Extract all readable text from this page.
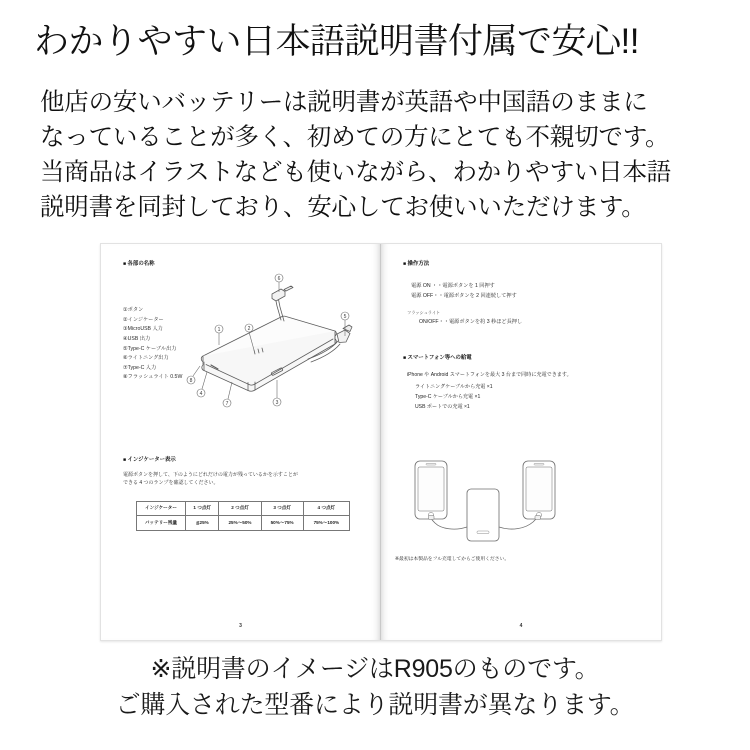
わかりやすい日本語説明書付属で安心!!
他店の安いバッテリーは説明書が英語や中国語のままに
なっていることが多く、初めての方にとても不親切です。
当商品はイラストなども使いながら、わかりやすい日本語
説明書を同封しており、安心してお使いいただけます。
■ 各部の名称
①ボタン
②インジケーター
③MicroUSB 入力
④USB 出力
⑤Type-C ケーブル出力
⑥ライトニング出力
⑦Type-C 入力
⑧フラッシュライト 0.5W
1	2
8
4
5
6
7	3
■ インジケーター表示
電源ボタンを押して、下のようにどれだけの電力が残っているかを示すことが
できる 4 つのランプを確認してください。
インジケーター	1 つ点灯	2 つ点灯	3 つ点灯	4 つ点灯
バッテリー残量	≦25%	25%～50%	50%～75%	75%～100%
3
■ 操作方法
電源 ON ・・電源ボタンを 1 回押す
電源 OFF・・電源ボタンを 2 回連続して押す
フラッシュライト
ON/OFF・・電源ボタンを約 3 秒ほど長押し
■ スマートフォン等への給電
iPhone や Android スマートフォンを最大 3 台まで同時に充電できます。
ライトニングケーブルから充電 ×1
Type-C ケーブルから充電 ×1
USB ポートでの充電 ×1
※最初は本製品をフル充電してからご使用ください。
4
※説明書のイメージはR905のものです。
ご購入された型番により説明書が異なります。
